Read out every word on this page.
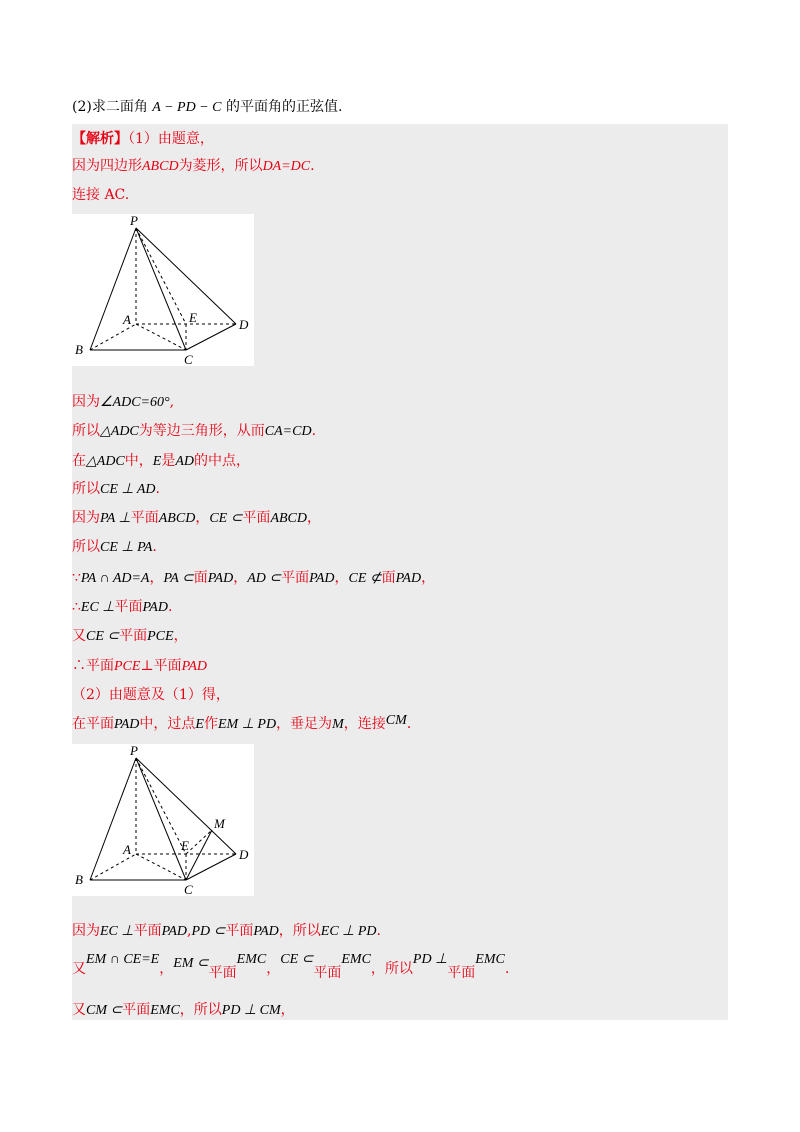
(2)求二面角 A − PD − C 的平面角的正弦值.
【解析】（1）由题意，
因为四边形ABCD为菱形，所以DA=DC.
连接 AC.
P
A	E	D
B
C
因为∠ADC=60°,
所以△ADC为等边三角形，从而CA=CD.
在△ADC中，E是AD的中点，
所以CE ⊥ AD.
因为PA ⊥平面ABCD，CE ⊂平面ABCD，
所以CE ⊥ PA.
∵PA ∩ AD=A，PA ⊂面PAD，AD ⊂平面PAD，CE ⊄面PAD，
∴EC ⊥平面PAD.
又CE ⊂平面PCE，
∴平面PCE⊥平面PAD
（2）由题意及（1）得，
在平面PAD中，过点E作EM ⊥ PD，垂足为M，连接CM.
P
A	E
D
B
C
M
因为EC ⊥平面PAD,PD ⊂平面PAD，所以EC ⊥ PD.
又EM ∩ CE=E，EM ⊂平面EMC，CE ⊂平面EMC，所以PD ⊥平面EMC.
又CM ⊂平面EMC，所以PD ⊥ CM，
